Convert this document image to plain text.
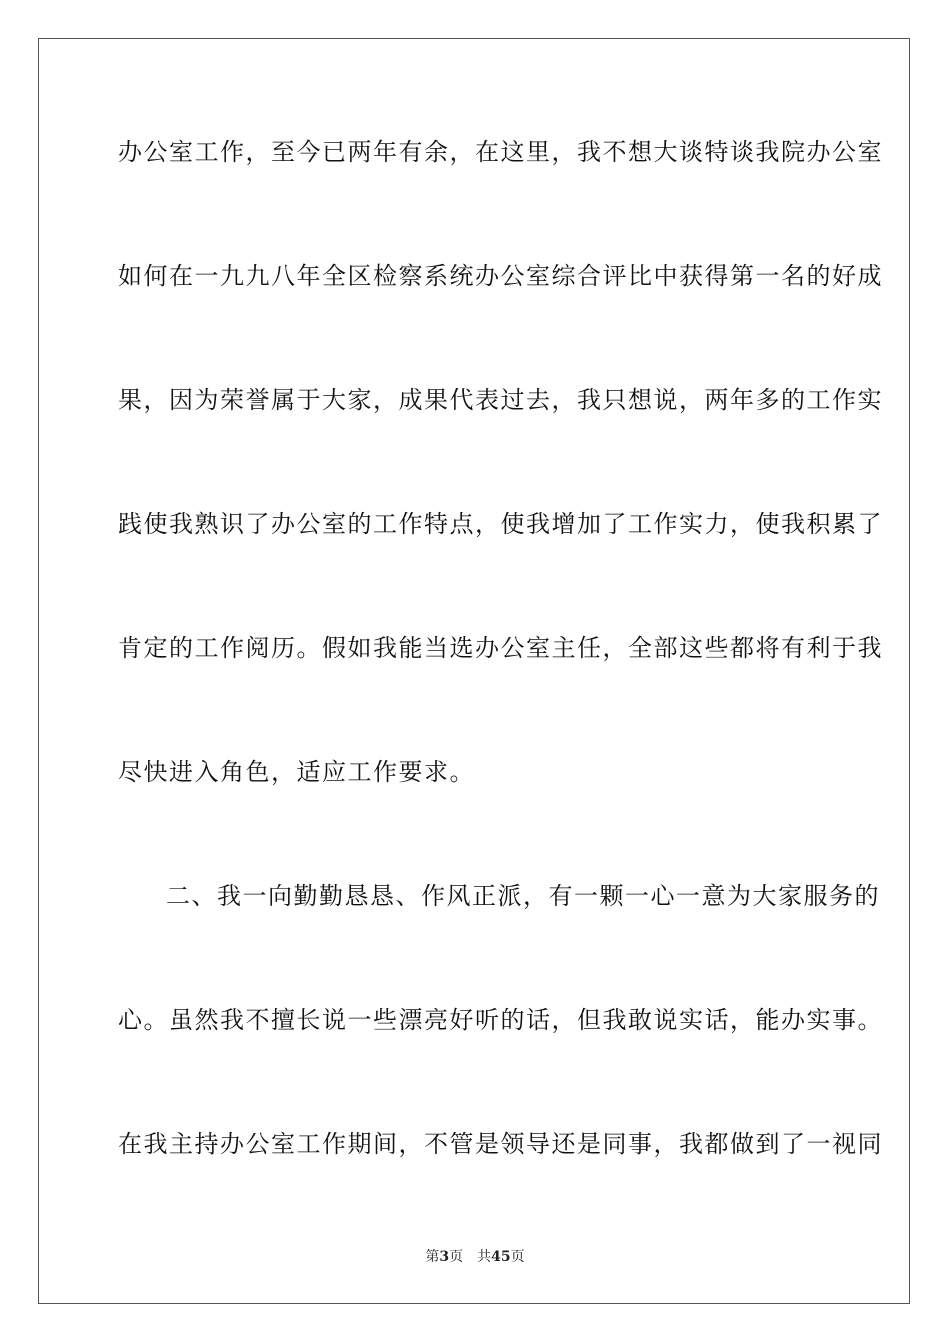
办公室工作，至今已两年有余，在这里，我不想大谈特谈我院办公室
如何在一九九八年全区检察系统办公室综合评比中获得第一名的好成
果，因为荣誉属于大家，成果代表过去，我只想说，两年多的工作实
践使我熟识了办公室的工作特点，使我增加了工作实力，使我积累了
肯定的工作阅历。假如我能当选办公室主任，全部这些都将有利于我
尽快进入角色，适应工作要求。
二、我一向勤勤恳恳、作风正派，有一颗一心一意为大家服务的
心。虽然我不擅长说一些漂亮好听的话，但我敢说实话，能办实事。
在我主持办公室工作期间，不管是领导还是同事，我都做到了一视同
第3页 共45页
